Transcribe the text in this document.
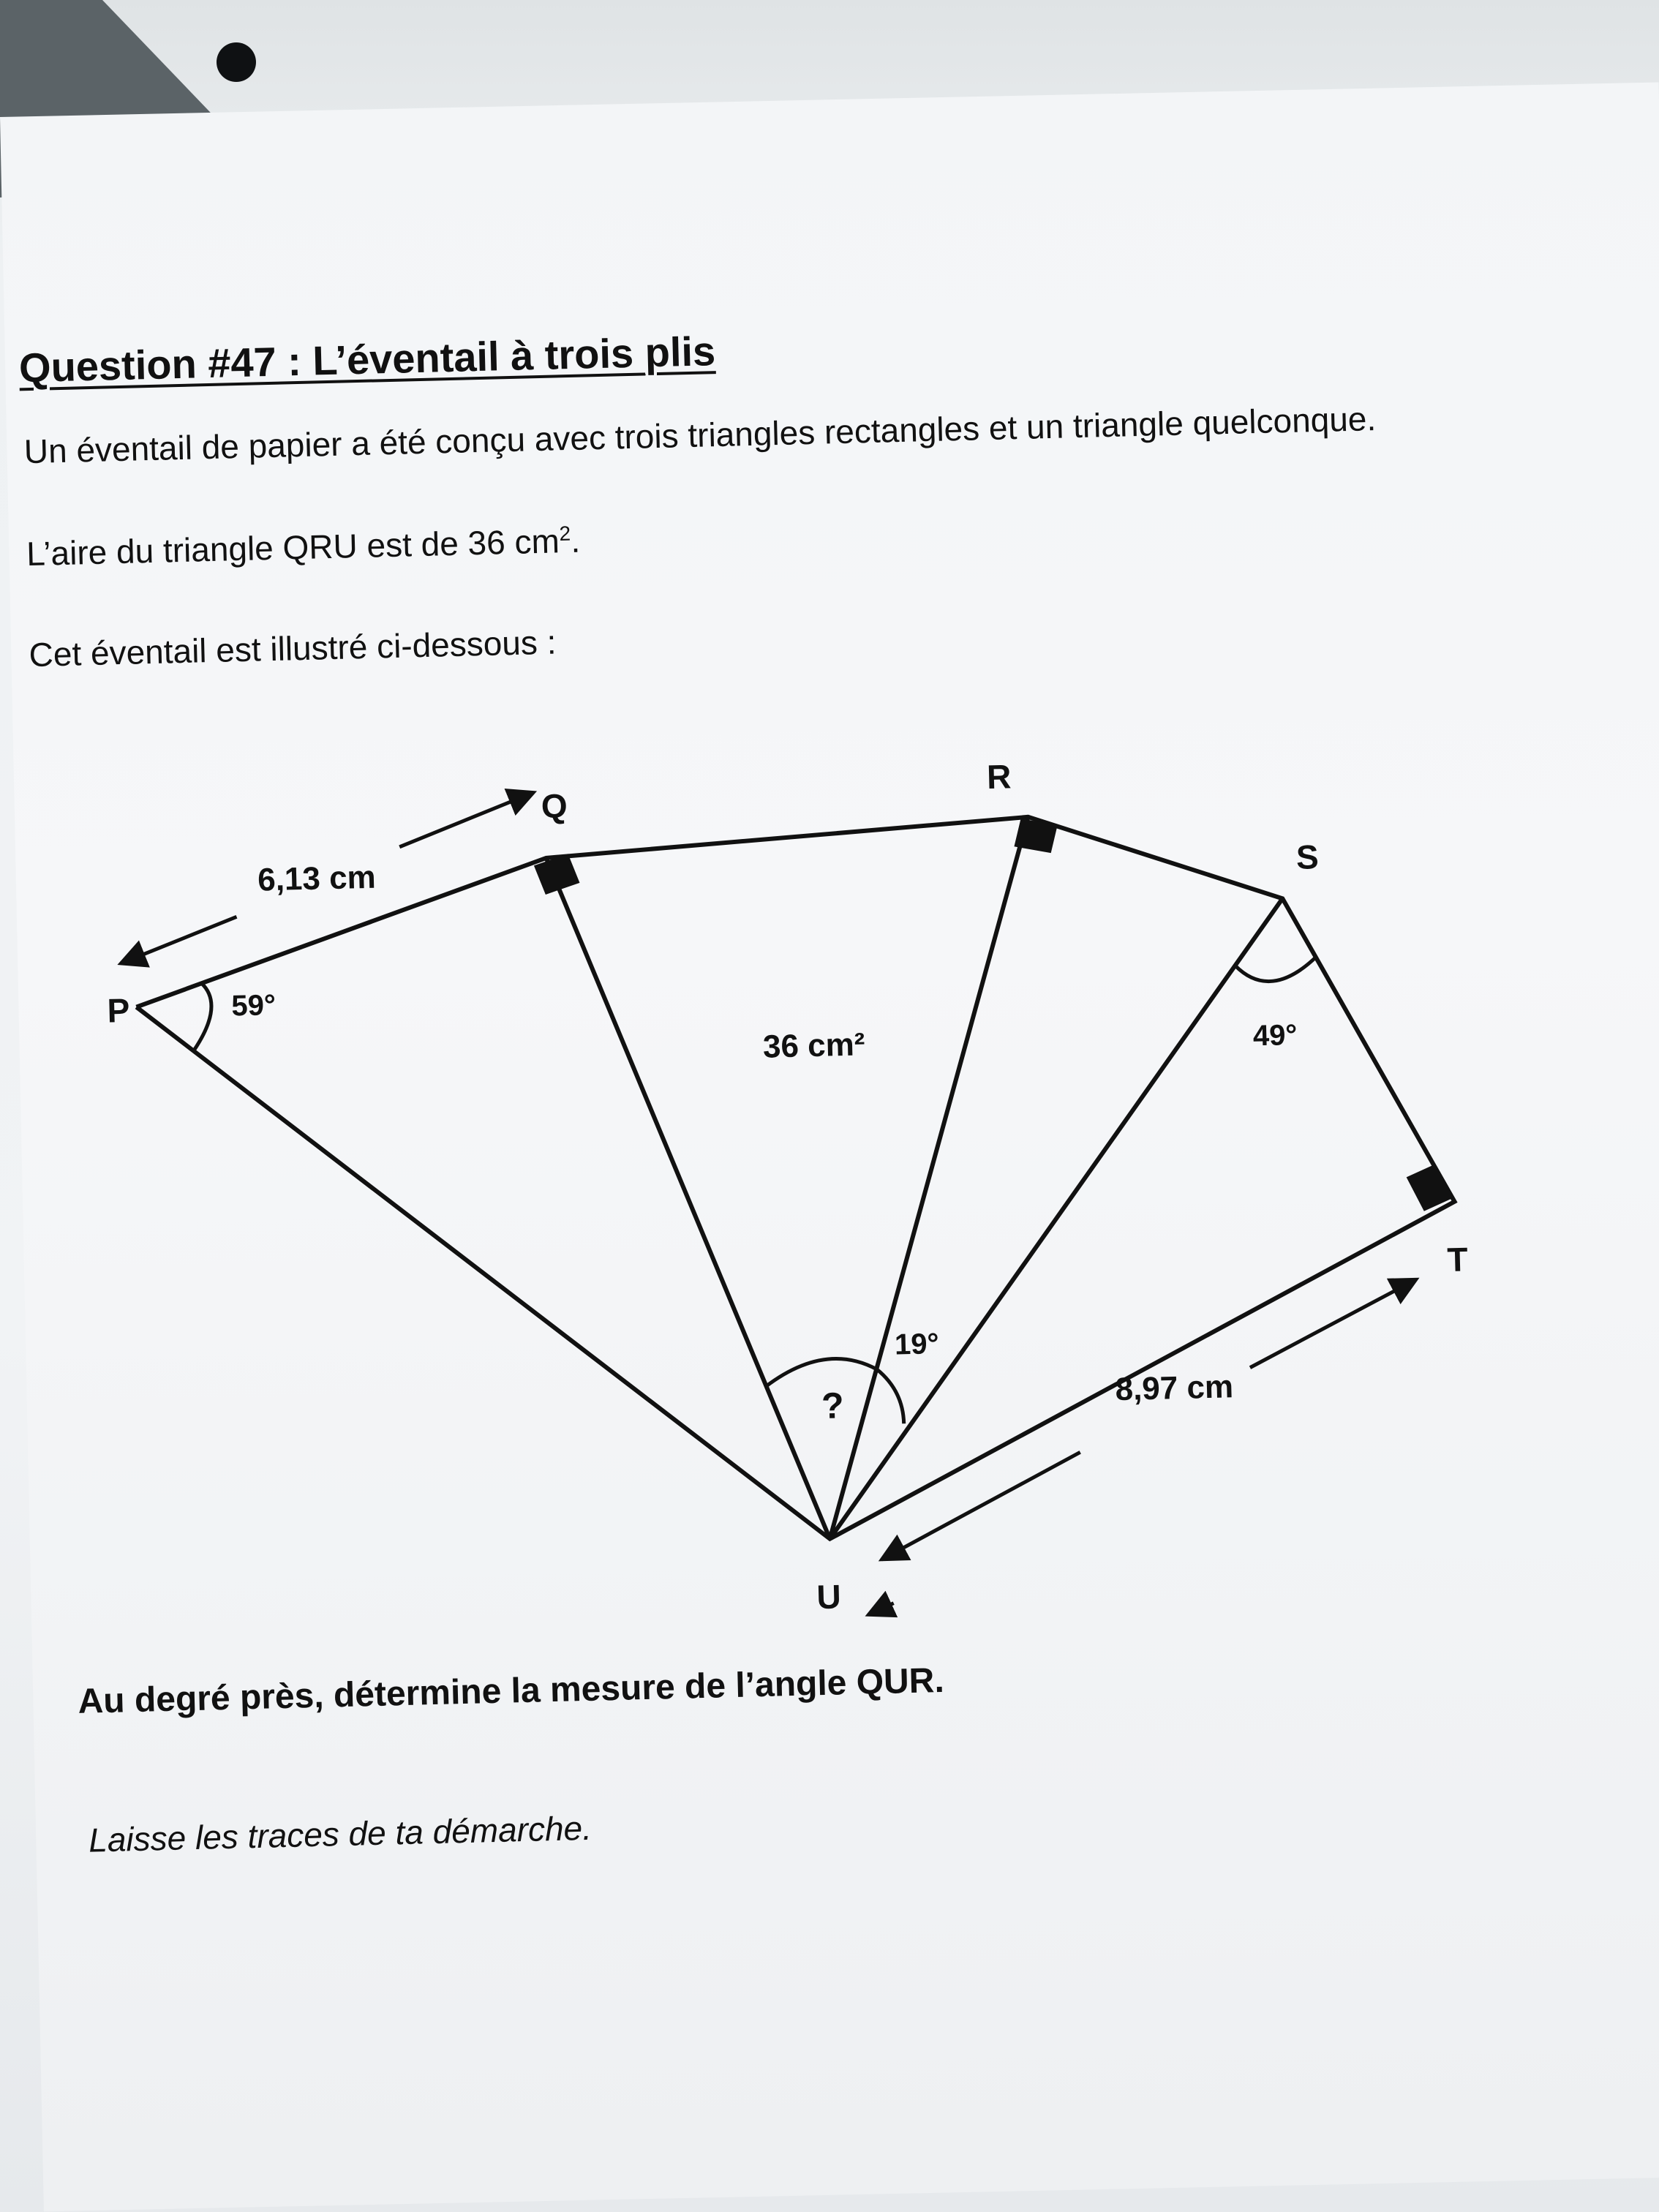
Question #47 : L’éventail à trois plis
Un éventail de papier a été conçu avec trois triangles rectangles et un triangle quelconque.
L’aire du triangle QRU est de 36 $cm^2$.
Cet éventail est illustré ci-dessous :
P
Q
R
S
T
U
6,13 cm
8,97 cm
59°
49°
19°
?
36 cm²
Au degré près, détermine la mesure de l’angle QUR.
Laisse les traces de ta démarche.
